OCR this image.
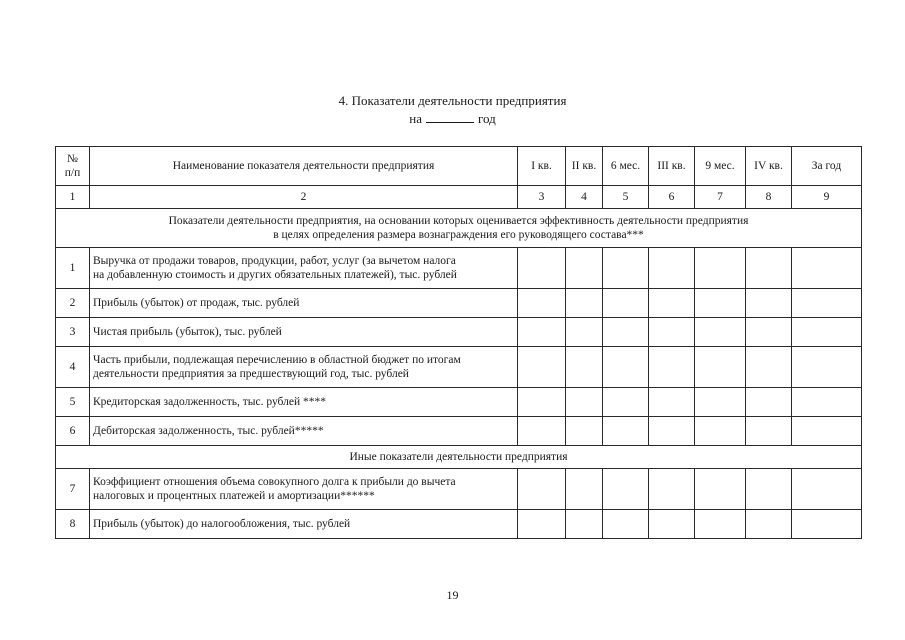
4. Показатели деятельности предприятия
на	год
№
п/п	Наименование показателя деятельности предприятия	I кв.	II кв.	6 мес.	III кв.	9 мес.	IV кв.	За год
1	2	3	4	5	6	7	8	9
Показатели деятельности предприятия, на основании которых оценивается эффективность деятельности предприятия
в целях определения размера вознаграждения его руководящего состава***								
1	Выручка от продажи товаров, продукции, работ, услуг (за вычетом налога
на добавленную стоимость и других обязательных платежей), тыс. рублей							
2	Прибыль (убыток) от продаж, тыс. рублей							
3	Чистая прибыль (убыток), тыс. рублей							
4	Часть прибыли, подлежащая перечислению в областной бюджет по итогам
деятельности предприятия за предшествующий год, тыс. рублей							
5	Кредиторская задолженность, тыс. рублей ****							
6	Дебиторская задолженность, тыс. рублей*****							
Иные показатели деятельности предприятия								
7	Коэффициент отношения объема совокупного долга к прибыли до вычета
налоговых и процентных платежей и амортизации******							
8	Прибыль (убыток) до налогообложения, тыс. рублей							
19
